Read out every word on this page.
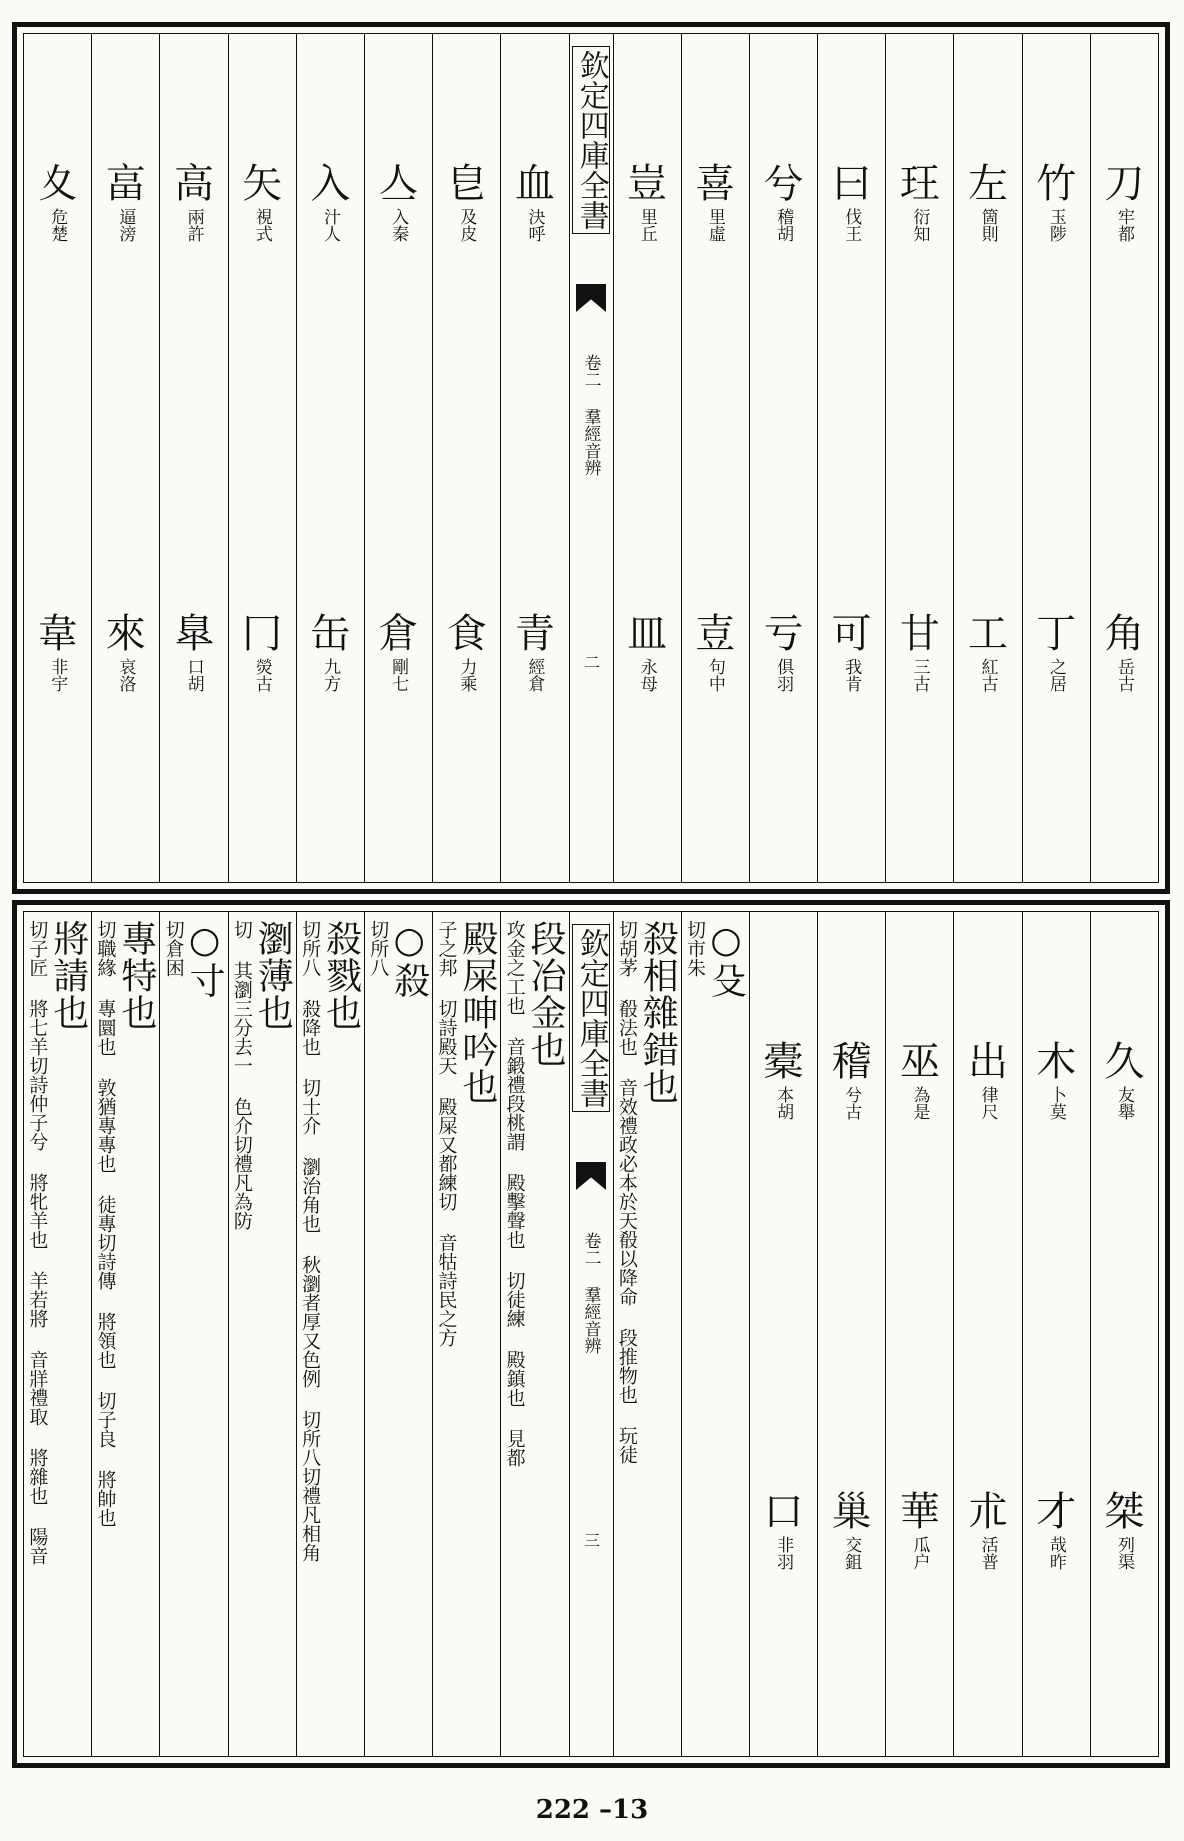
刀
牢都
角
岳古
竹
玉陟
丁
之居
左
箇則
工
紅古
玨
衍知
甘
三古
曰
伐王
可
我肯
兮
稽胡
亏
俱羽
喜
里虛
壴
句中
豈
里丘
皿
永母
欽定四庫全書
卷二 羣經音辨
二
血
決呼
青
經倉
皀
及皮
食
力乘
亼
入秦
倉
剛七
入
汁人
缶
九方
矢
視式
冂
熒古
高
兩許
臯
口胡
畗
逼滂
來
哀洛
夊
危楚
韋
非宇
久
友舉
桀
列渠
木
卜莫
才
哉昨
出
律尺
朮
活普
巫
為是
華
瓜户
稽
兮古
巢
交鉏
橐
本胡
口
非羽
○殳
切市朱
殺相雜錯也
切胡茅 殽法也 音效禮政必本於天殽以降命 段推物也 玩徒
欽定四庫全書
卷二 羣經音辨
三
段冶金也
攻金之工也 音鍛禮段桃謂 殿擊聲也 切徒練 殿鎮也 見都
殿屎呻吟也
子之邦 切詩殿天 殿屎又都練切 音牯詩民之方
○殺
切所八
殺戮也
切所八 殺降也 切士介 瀏治角也 秋瀏者厚又色例 切所八切禮凡相角
瀏薄也
切 其瀏三分去一 色介切禮凡為防
○寸
切倉困
專特也
切職緣 專圜也 敦猶專專也 徒專切詩傳 將領也 切子良 將帥也
將請也
切子匠 將七羊切詩仲子兮 將牝羊也 羊若將 音牂禮取 將雜也 陽音
222 –13
